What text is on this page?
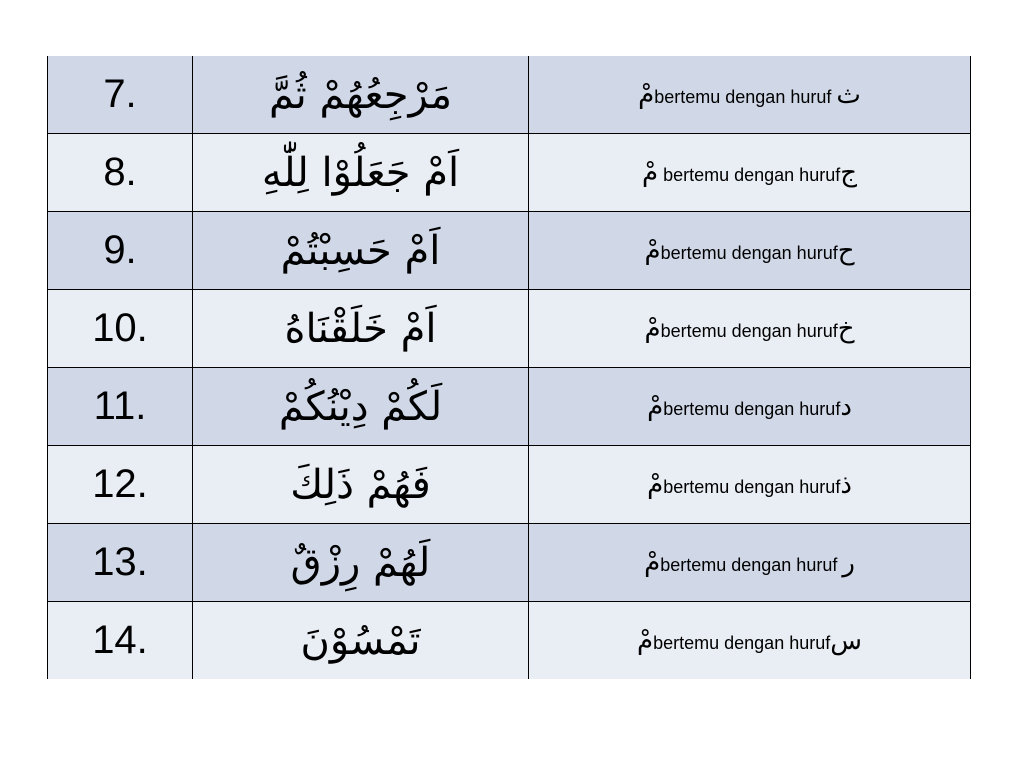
7.	مَرْجِعُهُمْ ثُمَّ	مْbertemu dengan huruf ث
8.	اَمْ جَعَلُوْا لِلّٰهِ	مْ bertemu dengan hurufج
9.	اَمْ حَسِبْتُمْ	مْbertemu dengan hurufح
10.	اَمْ خَلَقْنَاهُ	مْbertemu dengan hurufخ
11.	لَكُمْ دِيْنُكُمْ	مْbertemu dengan hurufد
12.	فَهُمْ ذَلِكَ	مْbertemu dengan hurufذ
13.	لَهُمْ رِزْقٌ	مْbertemu dengan huruf ر
14.	تَمْسُوْنَ	مْbertemu dengan hurufس
